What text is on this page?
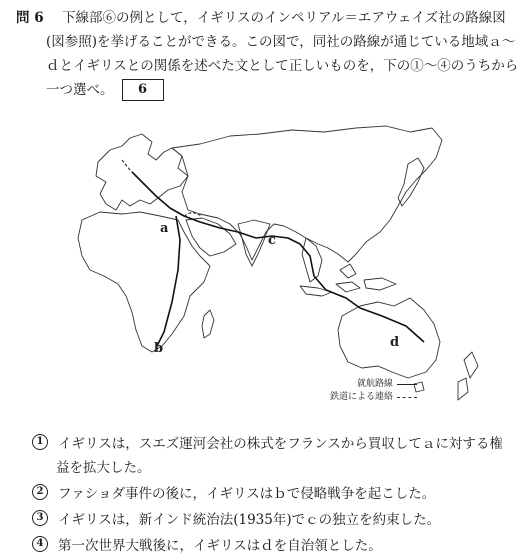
問 6 下線部⑥の例として，イギリスのインペリアル＝エアウェイズ社の路線図
(図参照)を挙げることができる。この図で，同社の路線が通じている地域ａ～
ｄとイギリスとの関係を述べた文として正しいものを，下の①～④のうちから
一つ選べ。 6
a
b
c
d
就航路線
鉄道による連絡
1	イギリスは，スエズ運河会社の株式をフランスから買収してａに対する権
益を拡大した。
2	ファショダ事件の後に，イギリスはｂで侵略戦争を起こした。
3	イギリスは，新インド統治法(1935年)でｃの独立を約束した。
4	第一次世界大戦後に，イギリスはｄを自治領とした。
